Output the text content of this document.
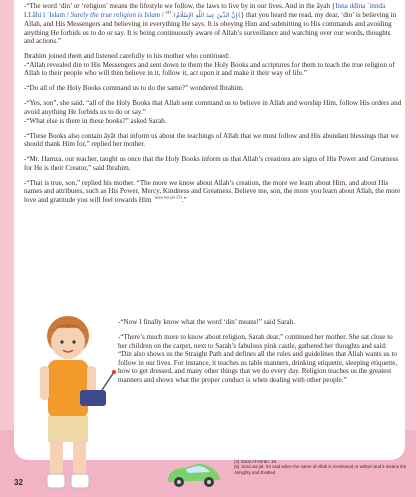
-“The word ‘din’ or ‘religion’ means the lifestyle we follow, the laws to live by in our lives. And in the āyah {Inna ddina `innda LLāhi l `Islam / Surely the true religion is Islam / $^{(4)}$ ﴿إِنَّ الدِّينَ عِندَ اللَّهِ الإِسْلَامُ﴾} that you heard me read, my dear, ‘din’ is believing in Allah, and His Messengers and believing in everything He says. It is obeying Him and submitting to His commands and avoiding anything He forbids us to do or say. It is being continuously aware of Allah’s surveillance and watching over our words, thoughts and actions.”

Ibrahim joined them and listened carefully to his mother who continued:
-“Allah revealed din to His Messengers and sent down to them the Holy Books and scriptures for them to teach the true religion of Allah to their people who will then believe in it, follow it, act upon it and make it their way of life.”

-“Do all of the Holy Books command us to do the same?” wondered Ibrahim.

-“Yes, son”, she said, “all of the Holy Books that Allah sent command us to believe in Allah and worship Him, follow His orders and avoid anything He forbids us to do or say.”
-“What else is there in these books?” asked Sarah.

-“These Books also contain āyāt that inform us about the teachings of Allah that we must follow and His abundant blessings that we should thank Him for,” replied her mother.

-“Mr. Hamza, our teacher, taught us once that the Holy Books inform us that Allah’s creations are signs of His Power and Greatness for He is their Creator,” said Ibrahim.

-“That is true, son,” replied his mother. “The more we know about Allah’s creation, the more we learn about Him, and about His names and attributes, such as His Power, Mercy, Kindness and Greatness. Believe me, son, the more you learn about Allah, the more love and gratitude you will feel towards Him $^{’azza wa jal}$ $^{(5)}$.”

-“Now I finally know what the word ‘din’ means!” said Sarah.

-“There’s much more to know about religion, Sarah dear,” continued her mother. She sat close to her children on the carpet, next to Sarah’s fabulous pink castle, gathered her thoughts and said:
“Din also shows us the Straight Path and defines all the rules and guidelines that Allah wants us to follow in our lives. For instance, it teaches us table manners, drinking etiquette, sleeping etiquette, how to get dressed, and many other things that we do every day. Religion teaches us the greatest manners and shows what the proper conduct is when dealing with other people.”

(4) Sūrat Al-Imrān: 19.
(5) ’azza wa jal: it’s said when the name of Allah is mentioned or written and it means the Almighty and Exalted.
32
